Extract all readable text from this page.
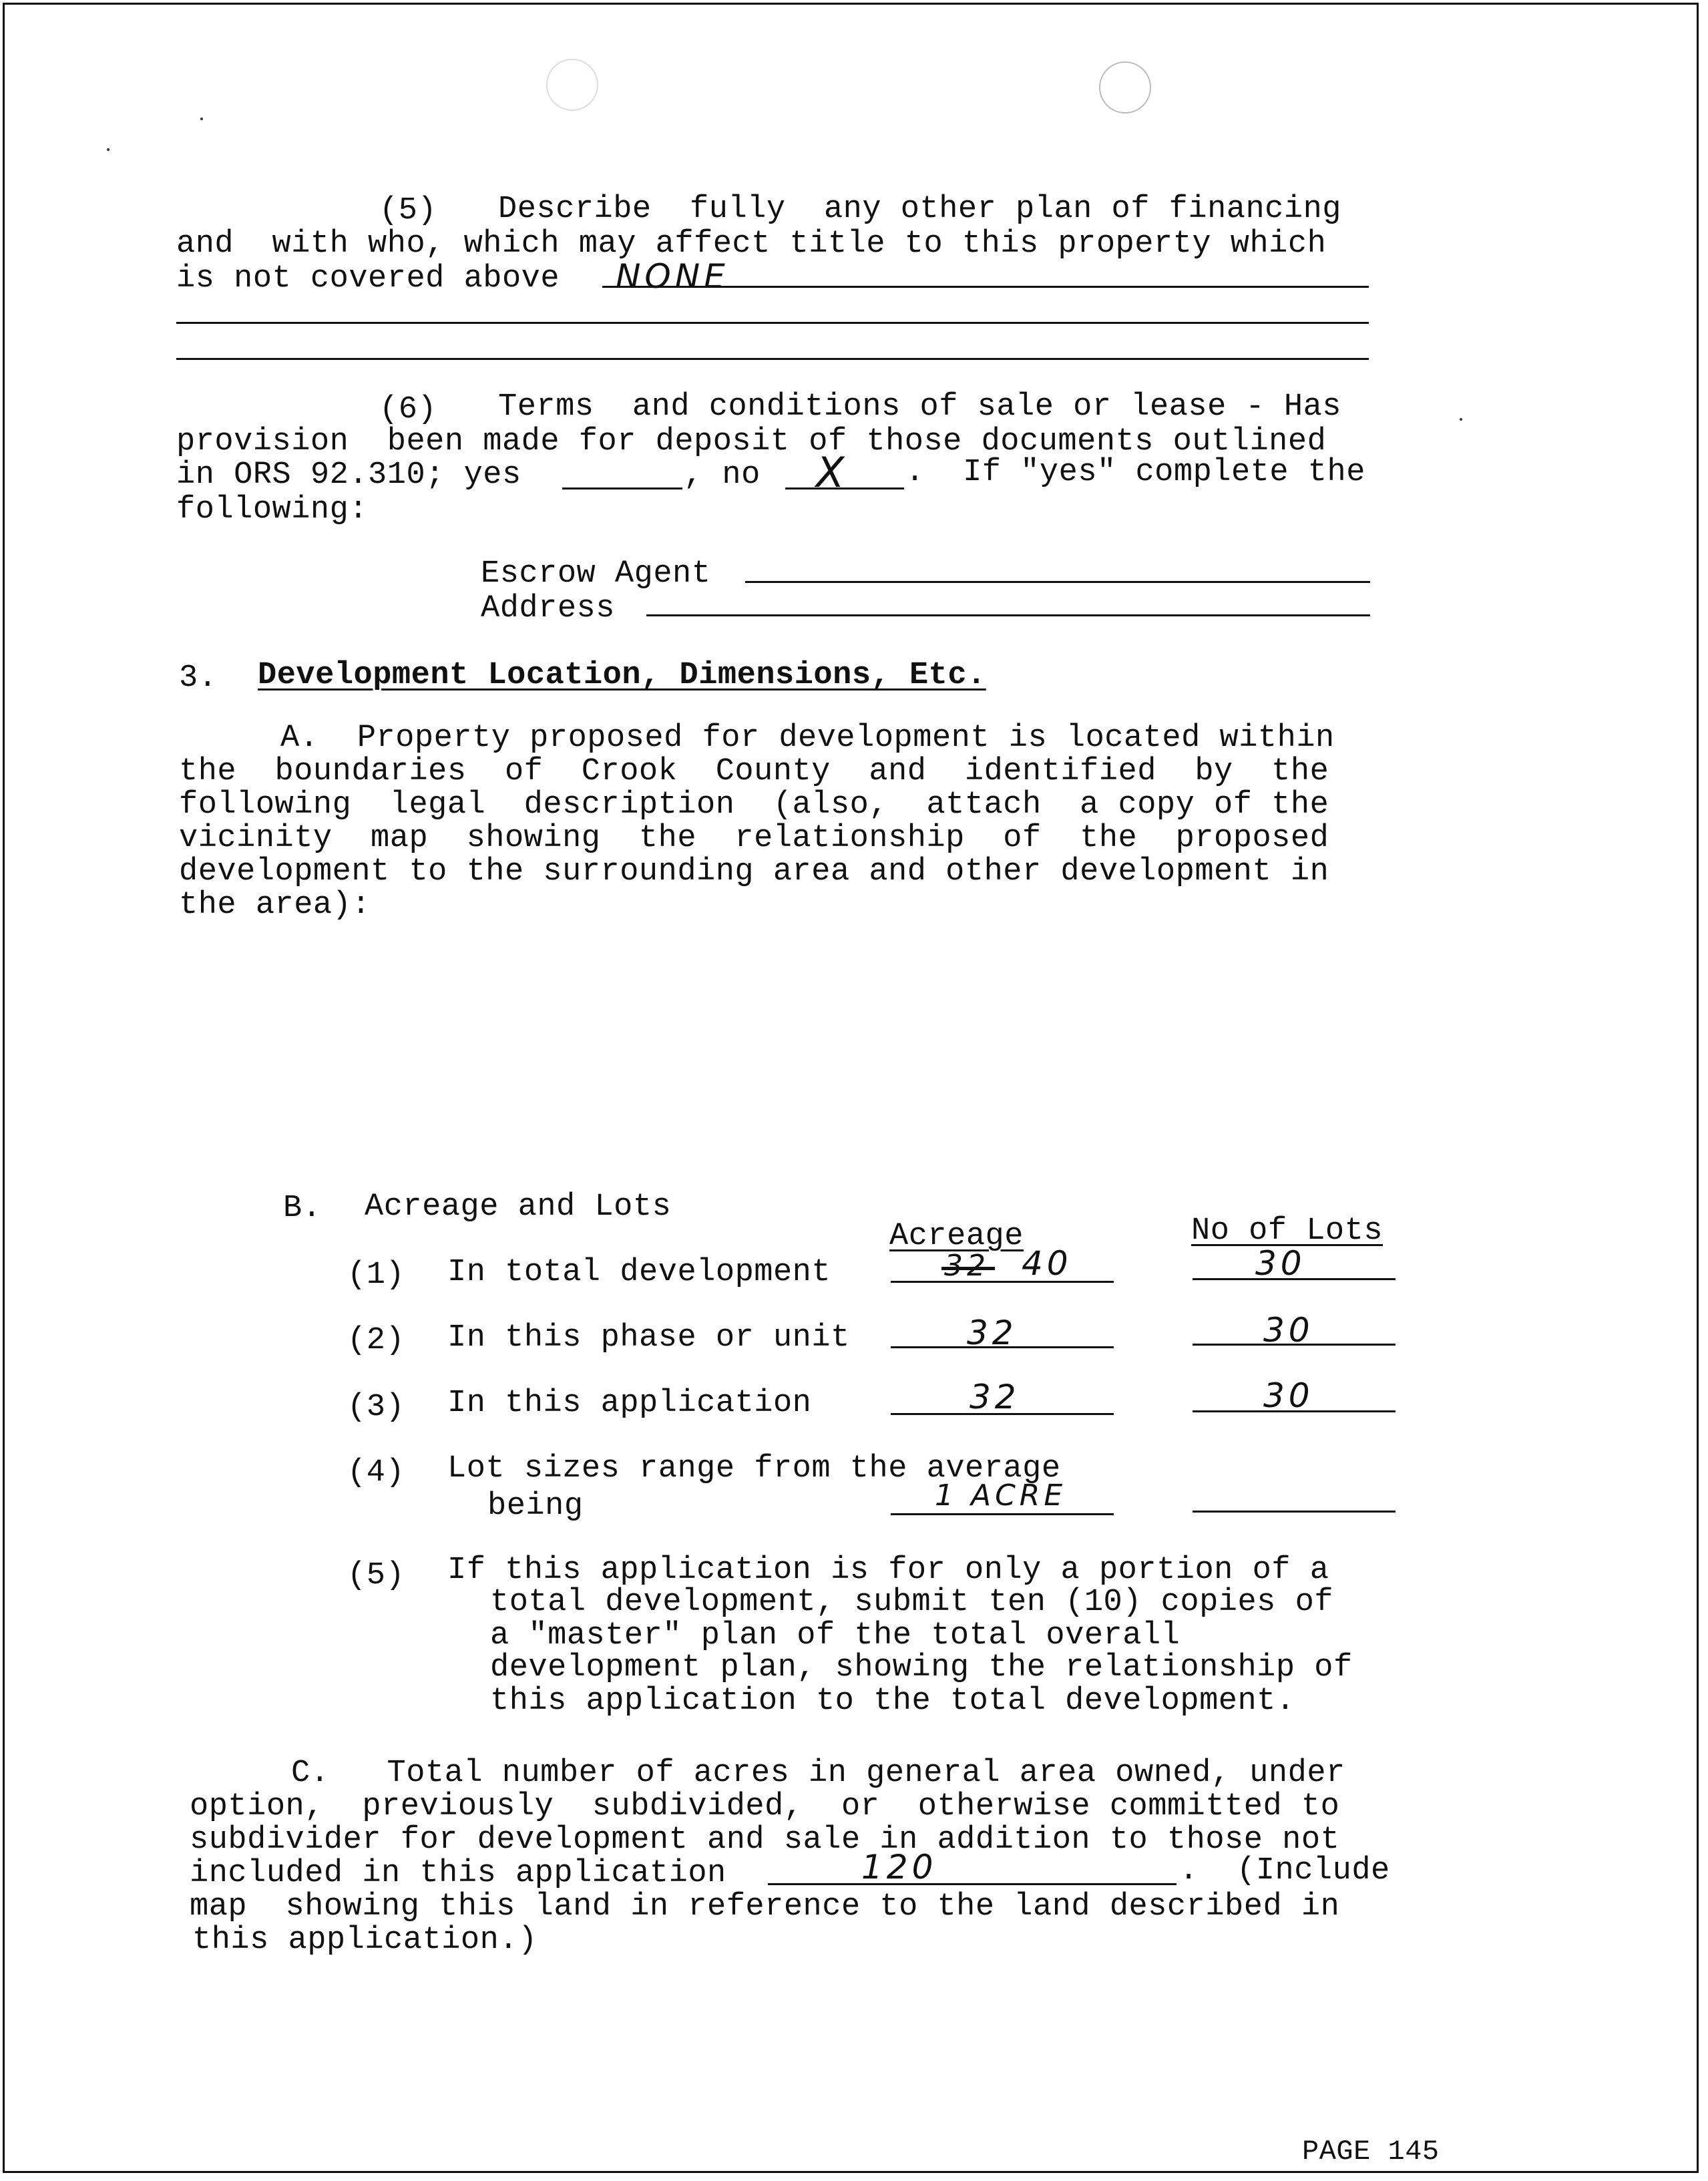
(5) Describe  fully  any other plan of financing
and  with who, which may affect title to this property which
is not covered above NONE
(6) Terms  and conditions of sale or lease - Has
provision  been made for deposit of those documents outlined
in ORS 92.310; yes	, no X .  If "yes" complete the
following:
Escrow Agent
Address
3. Development Location, Dimensions, Etc.
A.  Property proposed for development is located within
the  boundaries  of  Crook  County  and  identified  by  the
following  legal  description  (also,  attach  a copy of the
vicinity  map  showing  the  relationship  of  the  proposed
development to the surrounding area and other development in
the area):
B. Acreage and Lots
Acreage	No of Lots
(1) In total development	32 40	30
(2) In this phase or unit	32	30
(3) In this application	32	30
(4) Lot sizes range from the average
being	1 ACRE
(5) If this application is for only a portion of a
total development, submit ten (10) copies of
a "master" plan of the total overall
development plan, showing the relationship of
this application to the total development.
C.   Total number of acres in general area owned, under
option,  previously  subdivided,  or  otherwise committed to
subdivider for development and sale in addition to those not
included in this application	120	.  (Include
map  showing this land in reference to the land described in
this application.)
PAGE 145
